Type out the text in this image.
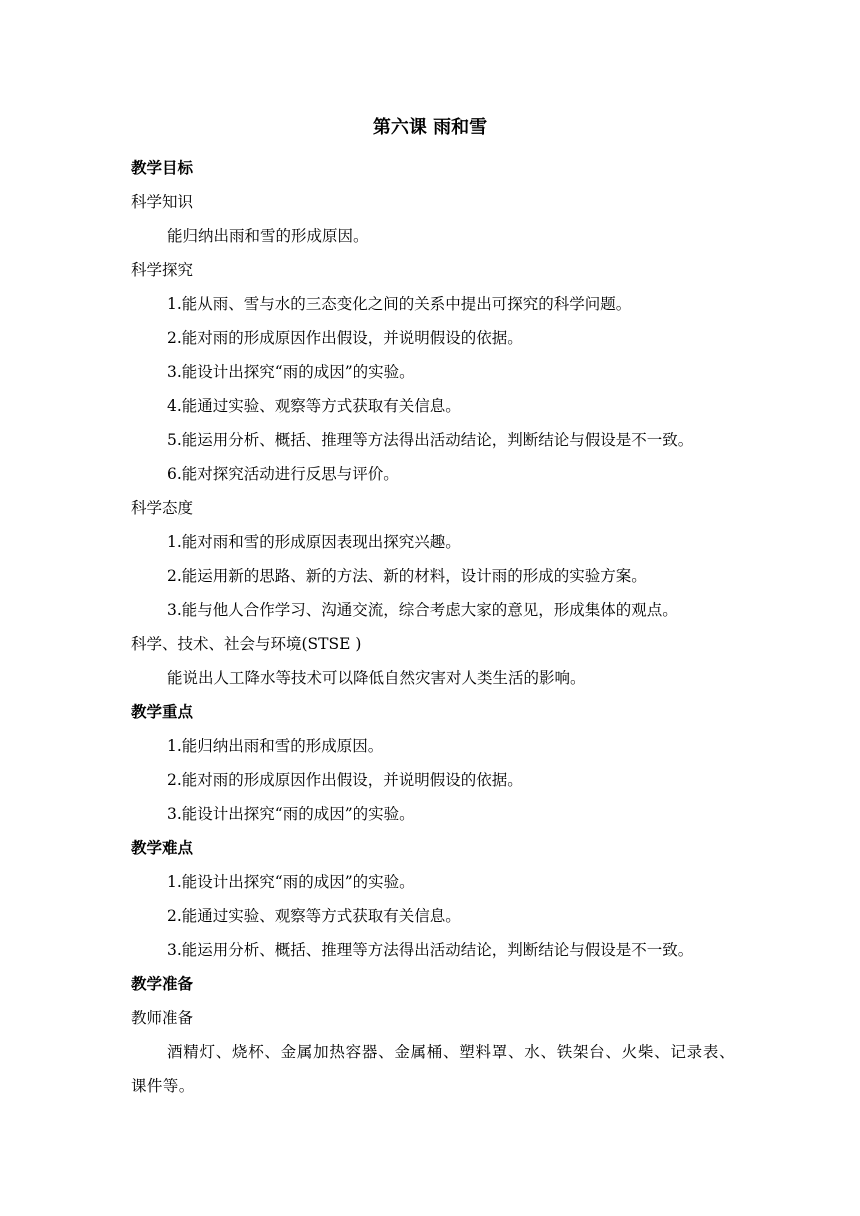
第六课 雨和雪
教学目标
科学知识
能归纳出雨和雪的形成原因。
科学探究
1.能从雨、雪与水的三态变化之间的关系中提出可探究的科学问题。
2.能对雨的形成原因作出假设，并说明假设的依据。
3.能设计出探究“雨的成因”的实验。
4.能通过实验、观察等方式获取有关信息。
5.能运用分析、概括、推理等方法得出活动结论，判断结论与假设是不一致。
6.能对探究活动进行反思与评价。
科学态度
1.能对雨和雪的形成原因表现出探究兴趣。
2.能运用新的思路、新的方法、新的材料，设计雨的形成的实验方案。
3.能与他人合作学习、沟通交流，综合考虑大家的意见，形成集体的观点。
科学、技术、社会与环境(STSE )
能说出人工降水等技术可以降低自然灾害对人类生活的影响。
教学重点
1.能归纳出雨和雪的形成原因。
2.能对雨的形成原因作出假设，并说明假设的依据。
3.能设计出探究“雨的成因”的实验。
教学难点
1.能设计出探究“雨的成因”的实验。
2.能通过实验、观察等方式获取有关信息。
3.能运用分析、概括、推理等方法得出活动结论，判断结论与假设是不一致。
教学准备
教师准备
酒精灯、烧杯、金属加热容器、金属桶、塑料罩、水、铁架台、火柴、记录表、课件等。
